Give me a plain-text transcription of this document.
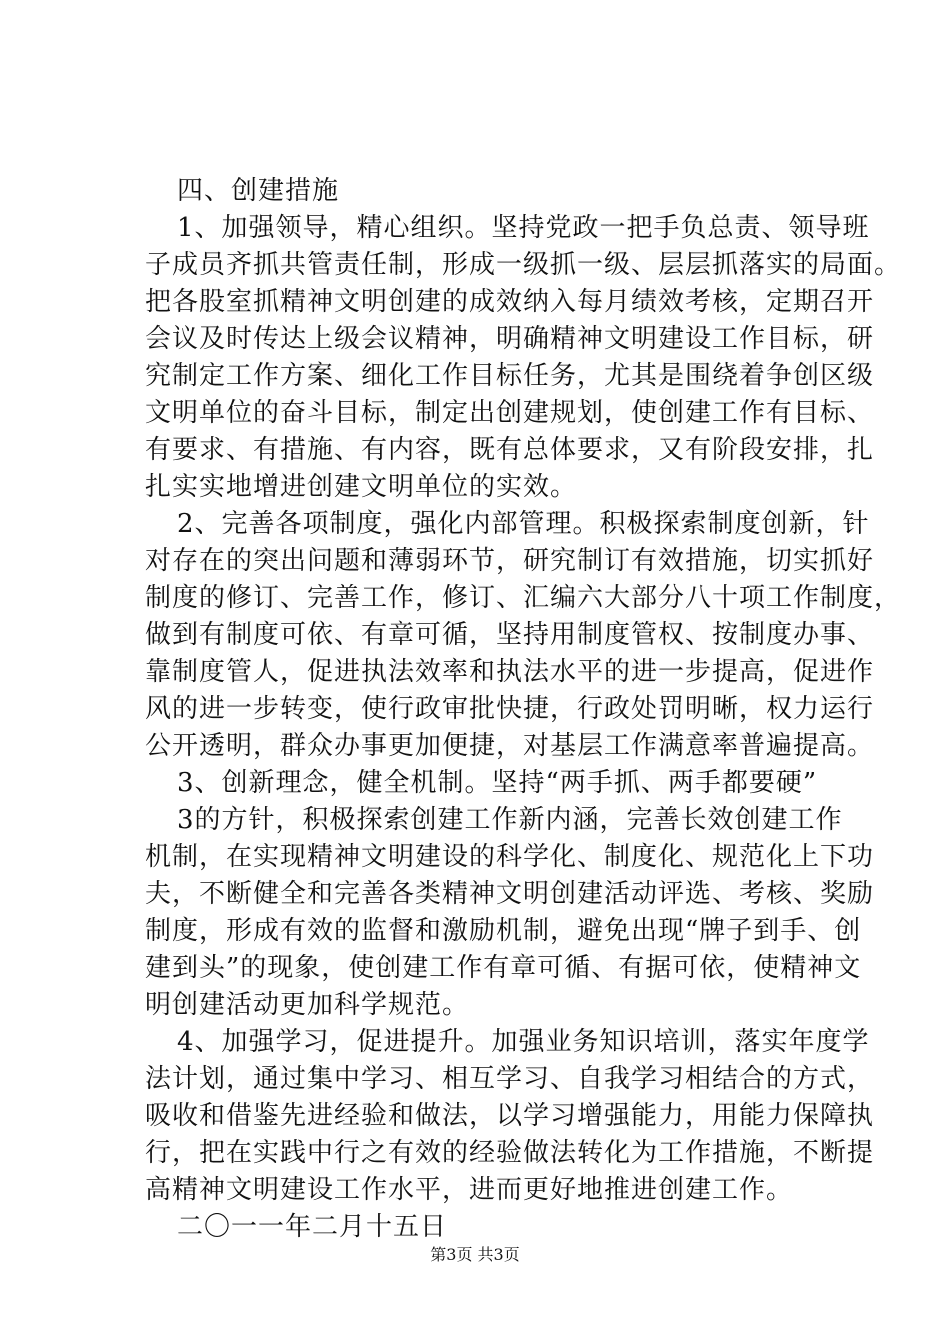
四、创建措施
1、加强领导，精心组织。坚持党政一把手负总责、领导班
子成员齐抓共管责任制，形成一级抓一级、层层抓落实的局面。
把各股室抓精神文明创建的成效纳入每月绩效考核，定期召开
会议及时传达上级会议精神，明确精神文明建设工作目标，研
究制定工作方案、细化工作目标任务，尤其是围绕着争创区级
文明单位的奋斗目标，制定出创建规划，使创建工作有目标、
有要求、有措施、有内容，既有总体要求，又有阶段安排，扎
扎实实地增进创建文明单位的实效。
2、完善各项制度，强化内部管理。积极探索制度创新，针
对存在的突出问题和薄弱环节，研究制订有效措施，切实抓好
制度的修订、完善工作，修订、汇编六大部分八十项工作制度，
做到有制度可依、有章可循，坚持用制度管权、按制度办事、
靠制度管人，促进执法效率和执法水平的进一步提高，促进作
风的进一步转变，使行政审批快捷，行政处罚明晰，权力运行
公开透明，群众办事更加便捷，对基层工作满意率普遍提高。
3、创新理念，健全机制。坚持“两手抓、两手都要硬”
3的方针，积极探索创建工作新内涵，完善长效创建工作
机制，在实现精神文明建设的科学化、制度化、规范化上下功
夫，不断健全和完善各类精神文明创建活动评选、考核、奖励
制度，形成有效的监督和激励机制，避免出现“牌子到手、创
建到头”的现象，使创建工作有章可循、有据可依，使精神文
明创建活动更加科学规范。
4、加强学习，促进提升。加强业务知识培训，落实年度学
法计划，通过集中学习、相互学习、自我学习相结合的方式，
吸收和借鉴先进经验和做法，以学习增强能力，用能力保障执
行，把在实践中行之有效的经验做法转化为工作措施，不断提
高精神文明建设工作水平，进而更好地推进创建工作。
二〇一一年二月十五日
第3页 共3页
